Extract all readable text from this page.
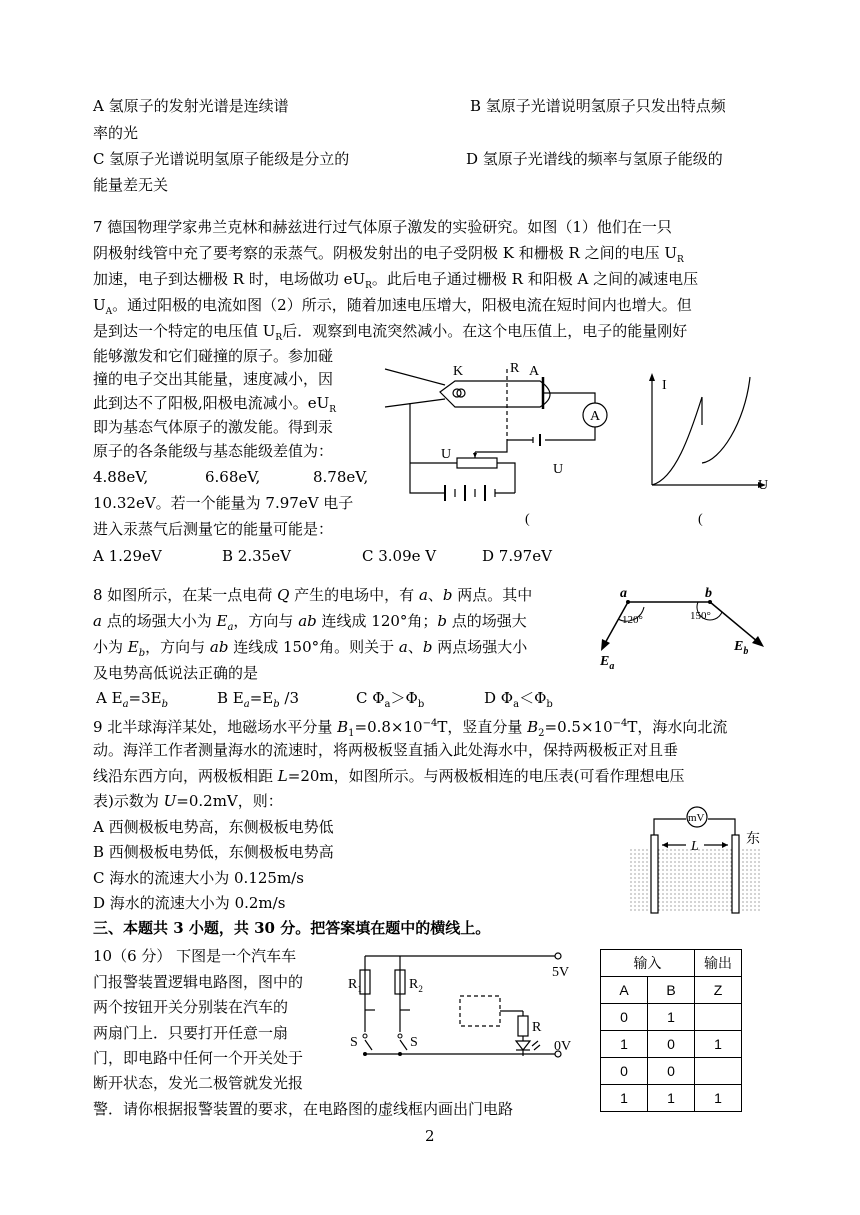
A 氢原子的发射光谱是连续谱	B 氢原子光谱说明氢原子只发出特点频
率的光
C 氢原子光谱说明氢原子能级是分立的	D 氢原子光谱线的频率与氢原子能级的
能量差无关
7 德国物理学家弗兰克林和赫兹进行过气体原子激发的实验研究。如图（1）他们在一只
阴极射线管中充了要考察的汞蒸气。阴极发射出的电子受阴极 K 和栅极 R 之间的电压 $U_R$
加速，电子到达栅极 R 时，电场做功 $eU_R$。此后电子通过栅极 R 和阳极 A 之间的减速电压
$U_A$。通过阳极的电流如图（2）所示，随着加速电压增大，阳极电流在短时间内也增大。但
是到达一个特定的电压值 $U_R$后．观察到电流突然减小。在这个电压值上，电子的能量刚好
能够激发和它们碰撞的原子。参加碰
撞的电子交出其能量，速度减小，因
此到达不了阳极,阳极电流减小。$eU_R$
即为基态气体原子的激发能。得到汞
原子的各条能级与基态能级差值为：
4.88eV,	6.68eV,	8.78eV,
10.32eV。若一个能量为 7.97eV 电子
进入汞蒸气后测量它的能量可能是：
A 1.29eV	B 2.35eV	C 3.09e V	D 7.97eV
K	R A
A
U
U
(
I
U
(
8 如图所示，在某一点电荷 Q 产生的电场中，有 a、b 两点。其中
a 点的场强大小为 $E_a$，方向与 ab 连线成 120°角；b 点的场强大
小为 $E_b$，方向与 ab 连线成 150°角。则关于 a、b 两点场强大小
及电势高低说法正确的是
A $E_a=3E_b$	B $E_a=E_b$ /3	C $\Phi_a>\Phi_b$	D $\Phi_a<\Phi_b$
a	b
120°	150°
$E_a$
$E_b$
9 北半球海洋某处，地磁场水平分量 $B_1=0.8\times 10^{-4}T$，竖直分量 $B_2=0.5\times 10^{-4}T$，海水向北流
动。海洋工作者测量海水的流速时，将两极板竖直插入此处海水中，保持两极板正对且垂
线沿东西方向，两极板相距 L=20m，如图所示。与两极板相连的电压表(可看作理想电压
表)示数为 U=0.2mV，则：
A 西侧极板电势高，东侧极板电势低
B 西侧极板电势低，东侧极板电势高
C 海水的流速大小为 0.125m/s
D 海水的流速大小为 0.2m/s
mV
L	东
三、本题共 3 小题，共 30 分。把答案填在题中的横线上。
10（6 分） 下图是一个汽车车
门报警装置逻辑电路图，图中的
两个按钮开关分别装在汽车的
两扇门上．只要打开任意一扇
门，即电路中任何一个开关处于
断开状态，发光二极管就发光报
警．请你根据报警装置的要求，在电路图的虚线框内画出门电路
$R_1$	$R_2$
R
S	S
5V
0V
输入		输出
A	B	Z
0	1	
1	0	1
0	0	
1	1	1
2
